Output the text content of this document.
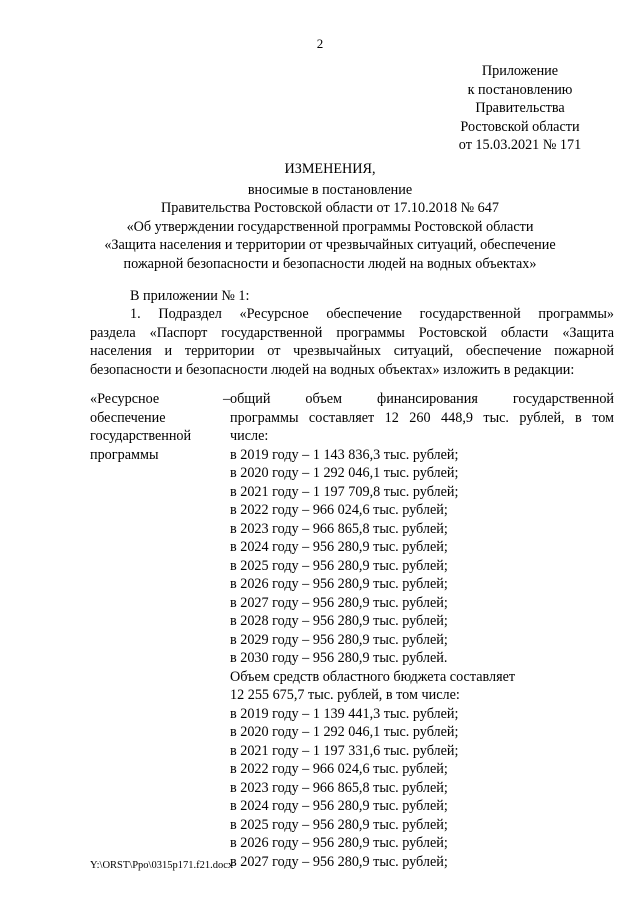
2
Приложение
к постановлению
Правительства
Ростовской области
от 15.03.2021 № 171
ИЗМЕНЕНИЯ,
вносимые в постановление
Правительства Ростовской области от 17.10.2018 № 647
«Об утверждении государственной программы Ростовской области
«Защита населения и территории от чрезвычайных ситуаций, обеспечение
пожарной безопасности и безопасности людей на водных объектах»
В приложении № 1:
1. Подраздел «Ресурсное обеспечение государственной программы»
раздела «Паспорт государственной программы Ростовской области «Защита
населения и территории от чрезвычайных ситуаций, обеспечение пожарной
безопасности и безопасности людей на водных объектах» изложить в редакции:
«Ресурсное
обеспечение
государственной
программы
– общий объем финансирования государственной
программы составляет 12 260 448,9 тыс. рублей, в том
числе:
в 2019 году – 1 143 836,3 тыс. рублей;
в 2020 году – 1 292 046,1 тыс. рублей;
в 2021 году – 1 197 709,8 тыс. рублей;
в 2022 году – 966 024,6 тыс. рублей;
в 2023 году – 966 865,8 тыс. рублей;
в 2024 году – 956 280,9 тыс. рублей;
в 2025 году – 956 280,9 тыс. рублей;
в 2026 году – 956 280,9 тыс. рублей;
в 2027 году – 956 280,9 тыс. рублей;
в 2028 году – 956 280,9 тыс. рублей;
в 2029 году – 956 280,9 тыс. рублей;
в 2030 году – 956 280,9 тыс. рублей.
Объем средств областного бюджета составляет
12 255 675,7 тыс. рублей, в том числе:
в 2019 году – 1 139 441,3 тыс. рублей;
в 2020 году – 1 292 046,1 тыс. рублей;
в 2021 году – 1 197 331,6 тыс. рублей;
в 2022 году – 966 024,6 тыс. рублей;
в 2023 году – 966 865,8 тыс. рублей;
в 2024 году – 956 280,9 тыс. рублей;
в 2025 году – 956 280,9 тыс. рублей;
в 2026 году – 956 280,9 тыс. рублей;
в 2027 году – 956 280,9 тыс. рублей;
Y:\ORST\Ppo\0315p171.f21.docx
